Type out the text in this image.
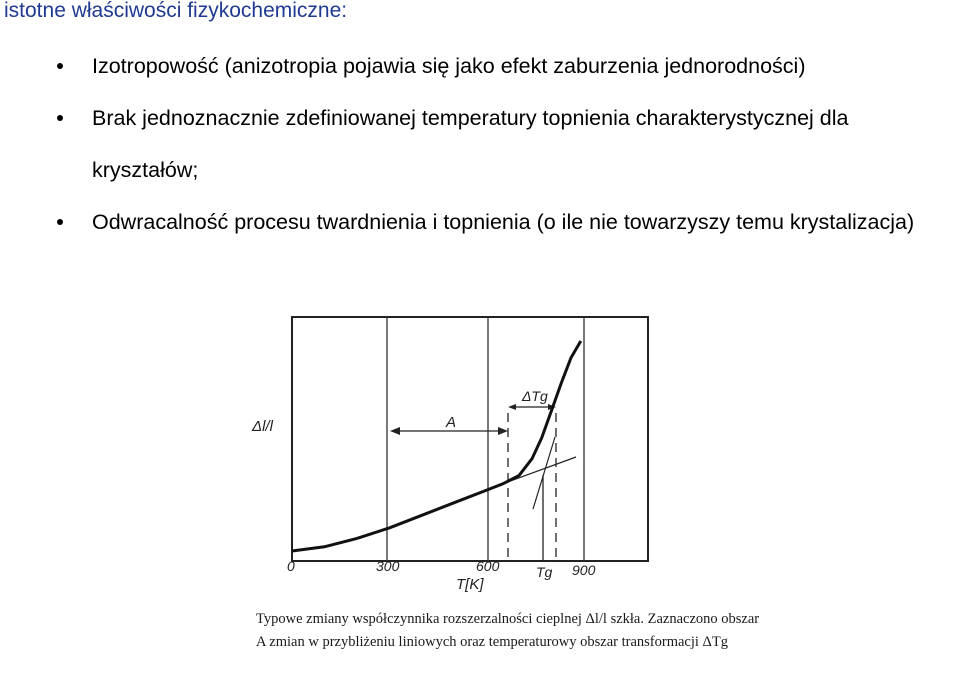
istotne właściwości fizykochemiczne:
Izotropowość (anizotropia pojawia się jako efekt zaburzenia jednorodności)
Brak jednoznacznie zdefiniowanej temperatury topnienia charakterystycznej dla kryształów;
Odwracalność procesu twardnienia i topnienia (o ile nie towarzyszy temu krystalizacja)
A
ΔTg
Δl/l
T[K]
0	300	600	900
Tg
Typowe zmiany współczynnika rozszerzalności cieplnej Δl/l szkła. Zaznaczono obszar
A zmian w przybliżeniu liniowych oraz temperaturowy obszar transformacji ΔTg
